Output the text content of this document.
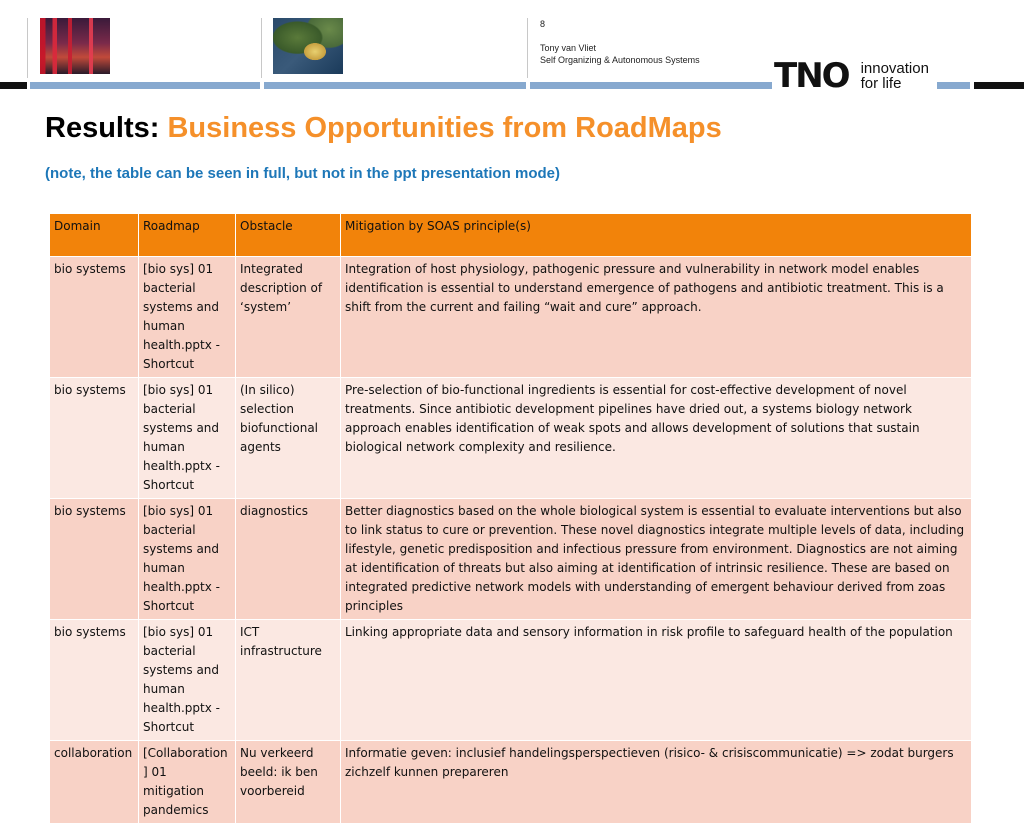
8
Tony van Vliet
Self Organizing & Autonomous Systems TNO innovation
for life
Results: Business Opportunities from RoadMaps
(note, the table can be seen in full, but not in the ppt presentation mode)
Domain	Roadmap	Obstacle	Mitigation by SOAS principle(s)
bio systems	[bio sys] 01 bacterial systems and human health.pptx - Shortcut	Integrated description of ‘system’	Integration of host physiology, pathogenic pressure and vulnerability in network model enables identification is essential to understand emergence of pathogens and antibiotic treatment. This is a shift from the current and failing “wait and cure” approach.
bio systems	[bio sys] 01 bacterial systems and human health.pptx - Shortcut	(In silico) selection biofunctional agents	Pre-selection of bio-functional ingredients is essential for cost-effective development of novel treatments. Since antibiotic development pipelines have dried out, a systems biology network approach enables identification of weak spots and allows development of solutions that sustain biological network complexity and resilience.
bio systems	[bio sys] 01 bacterial systems and human health.pptx - Shortcut	diagnostics	Better diagnostics based on the whole biological system is essential to evaluate interventions but also to link status to cure or prevention. These novel diagnostics integrate multiple levels of data, including lifestyle, genetic predisposition and infectious pressure from environment. Diagnostics are not aiming at identification of threats but also aiming at identification of intrinsic resilience. These are based on integrated predictive network models with understanding of emergent behaviour derived from zoas principles
bio systems	[bio sys] 01 bacterial systems and human health.pptx - Shortcut	ICT infrastructure	Linking appropriate data and sensory information in risk profile to safeguard health of the population
collaboration	[Collaboration] 01 mitigation pandemics	Nu verkeerd beeld: ik ben voorbereid	Informatie geven: inclusief handelingsperspectieven (risico- & crisiscommunicatie) => zodat burgers zichzelf kunnen prepareren
